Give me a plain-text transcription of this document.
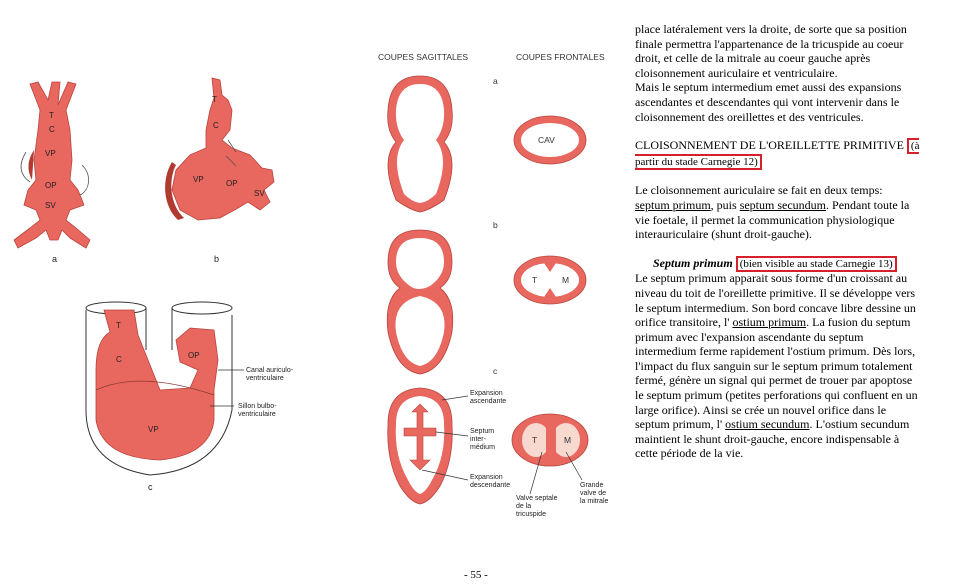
T
C
VP
OP
SV
a
T
C
VP	OP
SV
b
T
C	OP
VP
c
Canal auriculo-
ventriculaire
Sillon bulbo-
ventriculaire
COUPES SAGITTALES	COUPES FRONTALES
a
b
c
CAV
T	M
T	M
Expansion
ascendante
Septum
inter-
médium
Expansion
descendante
Valve septale
de la
tricuspide
Grande
valve de
la mitrale

place latéralement vers la droite, de sorte que sa position finale permettra l'appartenance de la tricuspide au coeur droit, et celle de la mitrale au coeur gauche après cloisonnement auriculaire et ventriculaire.

Mais le septum intermedium emet aussi des expansions ascendantes et descendantes qui vont intervenir dans le cloisonnement des oreillettes et des ventricules.

CLOISONNEMENT DE L'OREILLETTE PRIMITIVE (à partir du stade Carnegie 12)

Le cloisonnement auriculaire se fait en deux temps: septum primum, puis septum secundum. Pendant toute la vie foetale, il permet la communication physiologique interauriculaire (shunt droit-gauche).

Septum primum (bien visible au stade Carnegie 13)

Le septum primum apparait sous forme d'un croissant au niveau du toit de l'oreillette primitive. Il se développe vers le septum intermedium. Son bord concave libre dessine un orifice transitoire, l' ostium primum. La fusion du septum primum avec l'expansion ascendante du septum intermedium ferme rapidement l'ostium primum. Dès lors, l'impact du flux sanguin sur le septum primum totalement fermé, génère un signal qui permet de trouer par apoptose le septum primum (petites perforations qui confluent en un large orifice). Ainsi se crée un nouvel orifice dans le septum primum, l' ostium secundum. L'ostium secundum maintient le shunt droit-gauche, encore indispensable à cette période de la vie.

- 55 -
